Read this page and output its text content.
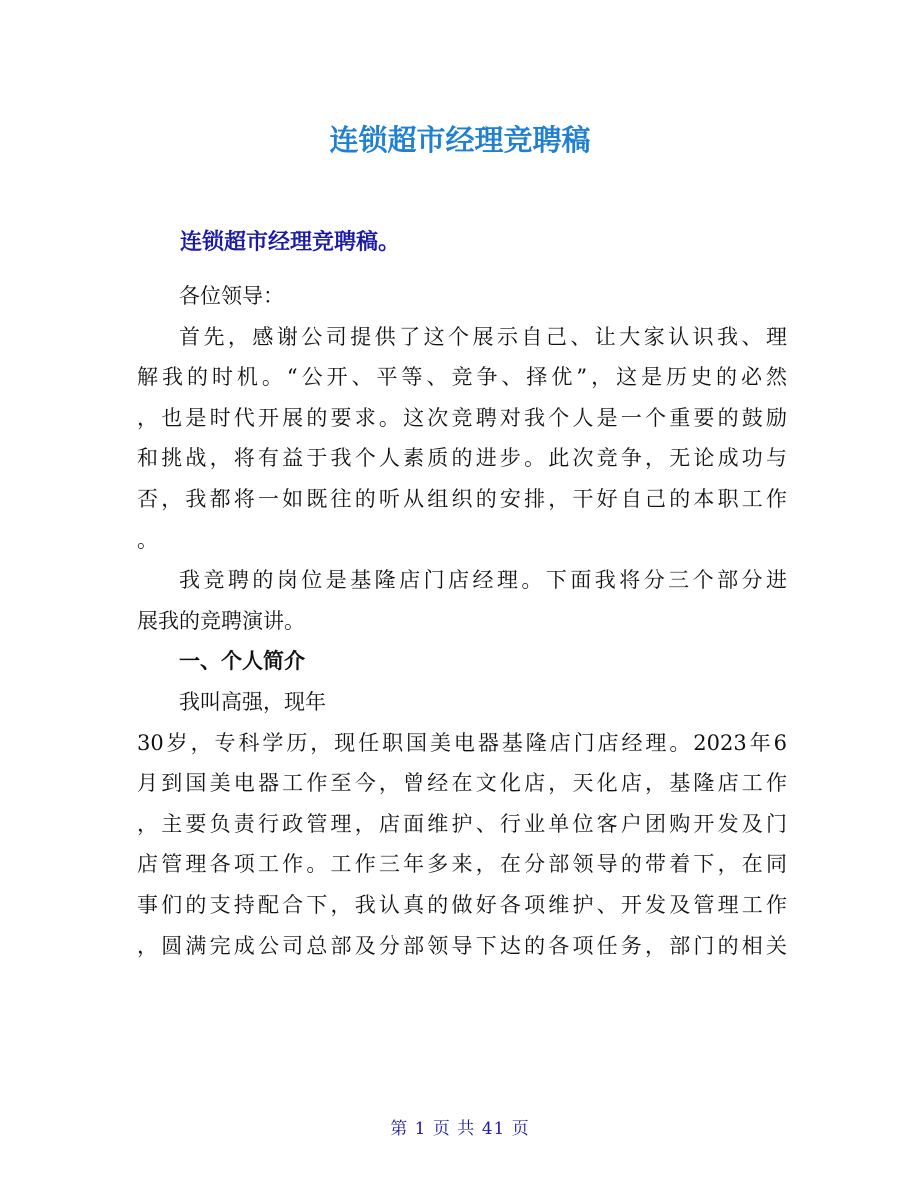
连锁超市经理竞聘稿
连锁超市经理竞聘稿。
各位领导：
首先，感谢公司提供了这个展示自己、让大家认识我、理
解我的时机。“公开、平等、竞争、择优”，这是历史的必然
，也是时代开展的要求。这次竞聘对我个人是一个重要的鼓励
和挑战，将有益于我个人素质的进步。此次竞争，无论成功与
否，我都将一如既往的听从组织的安排，干好自己的本职工作
。
我竞聘的岗位是基隆店门店经理。下面我将分三个部分进
展我的竞聘演讲。
一、个人简介
我叫高强，现年
30岁，专科学历，现任职国美电器基隆店门店经理。2023年6
月到国美电器工作至今，曾经在文化店，天化店，基隆店工作
，主要负责行政管理，店面维护、行业单位客户团购开发及门
店管理各项工作。工作三年多来，在分部领导的带着下，在同
事们的支持配合下，我认真的做好各项维护、开发及管理工作
，圆满完成公司总部及分部领导下达的各项任务，部门的相关
第 1 页 共 41 页
